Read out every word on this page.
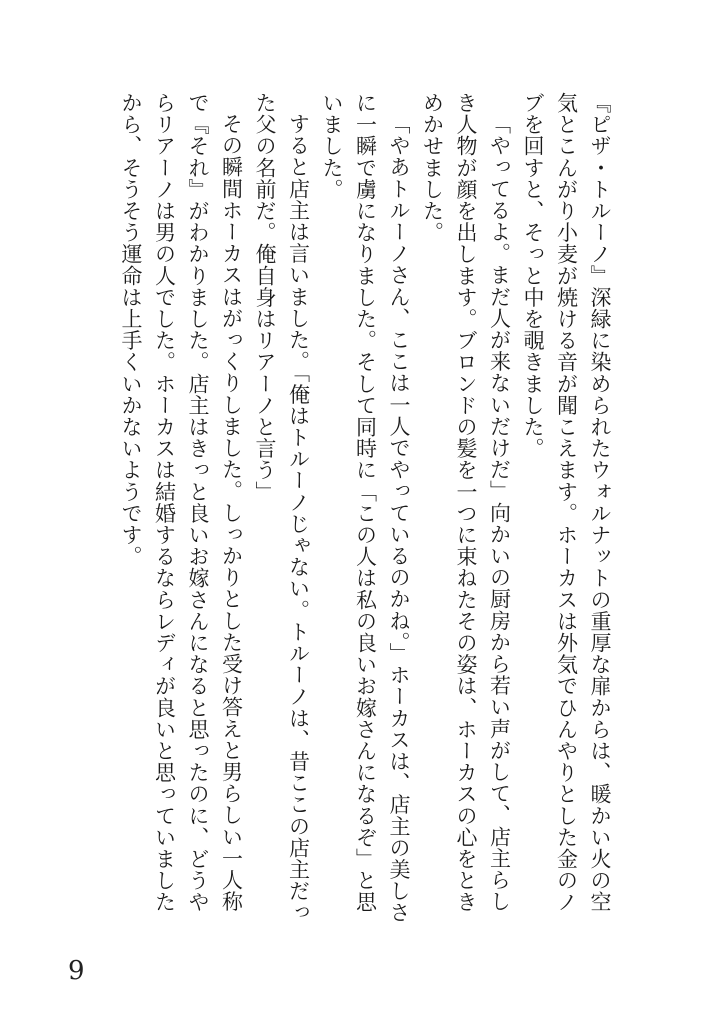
『ピザ・トルーノ』深緑に染められたウォルナットの重厚な扉からは、暖かい火の空気とこんがり小麦が焼ける音が聞こえます。ホーカスは外気でひんやりとした金のノブを回すと、そっと中を覗きました。

「やってるよ。まだ人が来ないだけだ」向かいの厨房から若い声がして、店主らしき人物が顔を出します。ブロンドの髪を一つに束ねたその姿は、ホーカスの心をときめかせました。

「やあトルーノさん、ここは一人でやっているのかね。」ホーカスは、店主の美しさに一瞬で虜になりました。そして同時に「この人は私の良いお嫁さんになるぞ」と思いました。

すると店主は言いました。「俺はトルーノじゃない。トルーノは、昔ここの店主だった父の名前だ。俺自身はリアーノと言う」

その瞬間ホーカスはがっくりしました。しっかりとした受け答えと男らしい一人称で『それ』がわかりました。店主はきっと良いお嫁さんになると思ったのに、どうやらリアーノは男の人でした。ホーカスは結婚するならレディが良いと思っていましたから、そうそう運命は上手くいかないようです。

9
